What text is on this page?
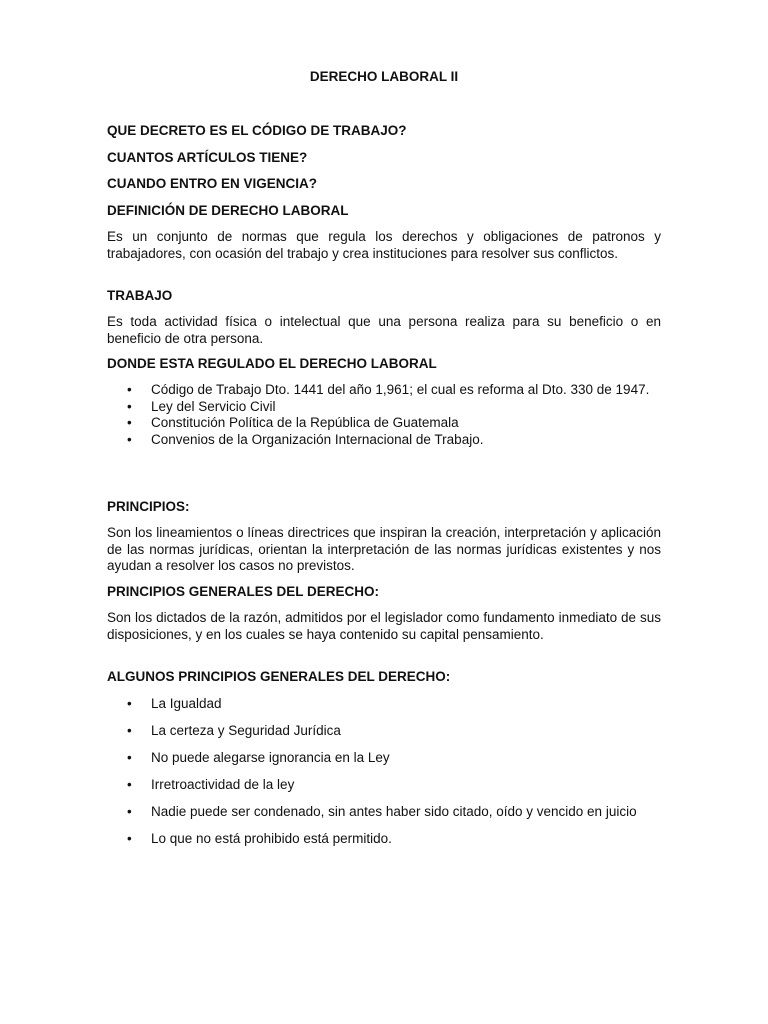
DERECHO LABORAL II

QUE DECRETO ES EL CÓDIGO DE TRABAJO?

CUANTOS ARTÍCULOS TIENE?

CUANDO ENTRO EN VIGENCIA?

DEFINICIÓN DE DERECHO LABORAL

Es un conjunto de normas que regula los derechos y obligaciones de patronos y trabajadores, con ocasión del trabajo y crea instituciones para resolver sus conflictos.

TRABAJO

Es toda actividad física o intelectual que una persona realiza para su beneficio o en beneficio de otra persona.

DONDE ESTA REGULADO EL DERECHO LABORAL

• Código de Trabajo Dto. 1441 del año 1,961; el cual es reforma al Dto. 330 de 1947.
• Ley del Servicio Civil
• Constitución Política de la República de Guatemala
• Convenios de la Organización Internacional de Trabajo.

PRINCIPIOS:

Son los lineamientos o líneas directrices que inspiran la creación, interpretación y aplicación de las normas jurídicas, orientan la interpretación de las normas jurídicas existentes y nos ayudan a resolver los casos no previstos.

PRINCIPIOS GENERALES DEL DERECHO:

Son los dictados de la razón, admitidos por el legislador como fundamento inmediato de sus disposiciones, y en los cuales se haya contenido su capital pensamiento.

ALGUNOS PRINCIPIOS GENERALES DEL DERECHO:

• La Igualdad
• La certeza y Seguridad Jurídica
• No puede alegarse ignorancia en la Ley
• Irretroactividad de la ley
• Nadie puede ser condenado, sin antes haber sido citado, oído y vencido en juicio
• Lo que no está prohibido está permitido.
